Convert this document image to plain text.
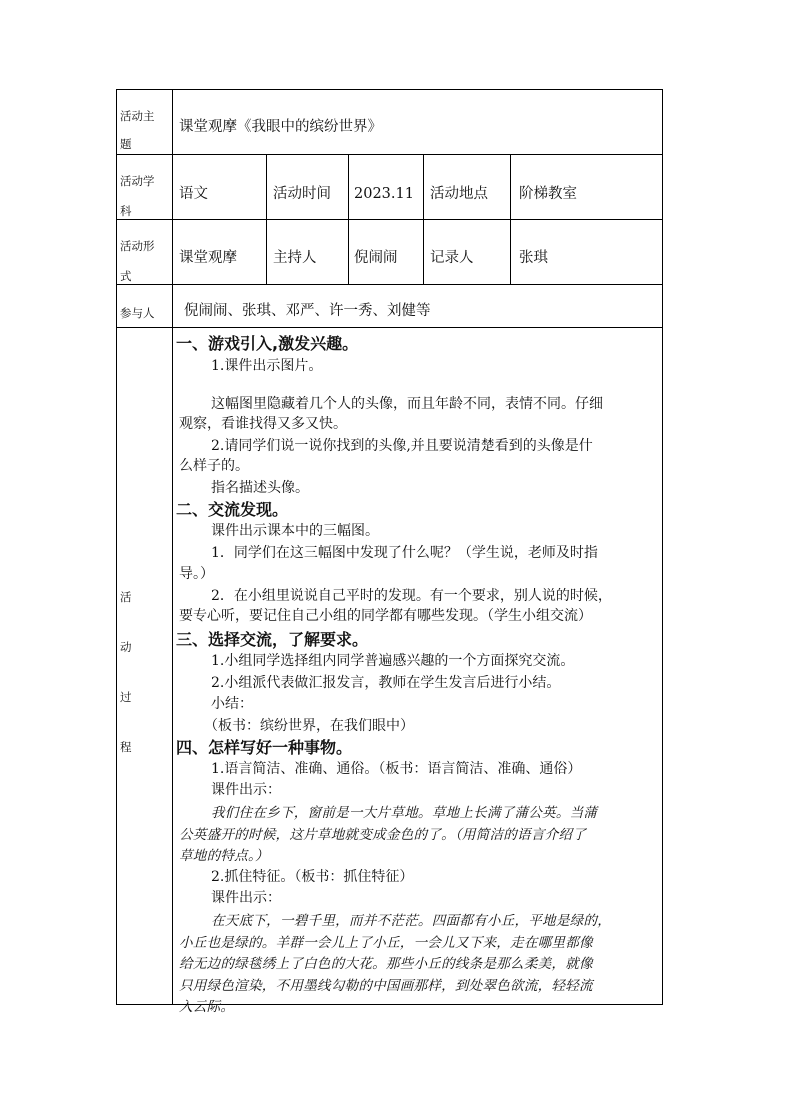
活动主
题
课堂观摩《我眼中的缤纷世界》
活动学
科
语文	活动时间 2023.11 活动地点 阶梯教室
活动形
式
课堂观摩 主持人	倪闹闹 记录人	张琪
参与人 倪闹闹、张琪、邓严、许一秀、刘健等
活
动
过
程
一、游戏引入,激发兴趣。
1.课件出示图片。
这幅图里隐藏着几个人的头像，而且年龄不同，表情不同。仔细
观察，看谁找得又多又快。
2.请同学们说一说你找到的头像,并且要说清楚看到的头像是什
么样子的。
指名描述头像。
二、交流发现。
课件出示课本中的三幅图。
1．同学们在这三幅图中发现了什么呢？（学生说，老师及时指
导。）
2．在小组里说说自己平时的发现。有一个要求，别人说的时候，
要专心听，要记住自己小组的同学都有哪些发现。（学生小组交流）
三、选择交流，了解要求。
1.小组同学选择组内同学普遍感兴趣的一个方面探究交流。
2.小组派代表做汇报发言，教师在学生发言后进行小结。
小结：
（板书：缤纷世界，在我们眼中）
四、怎样写好一种事物。
1.语言简洁、准确、通俗。（板书：语言简洁、准确、通俗）
课件出示：
我们住在乡下，窗前是一大片草地。草地上长满了蒲公英。当蒲
公英盛开的时候，这片草地就变成金色的了。（用简洁的语言介绍了
草地的特点。）
2.抓住特征。（板书：抓住特征）
课件出示：
在天底下，一碧千里，而并不茫茫。四面都有小丘，平地是绿的，
小丘也是绿的。羊群一会儿上了小丘，一会儿又下来，走在哪里都像
给无边的绿毯绣上了白色的大花。那些小丘的线条是那么柔美，就像
只用绿色渲染，不用墨线勾勒的中国画那样，到处翠色欲流，轻轻流
入云际。
